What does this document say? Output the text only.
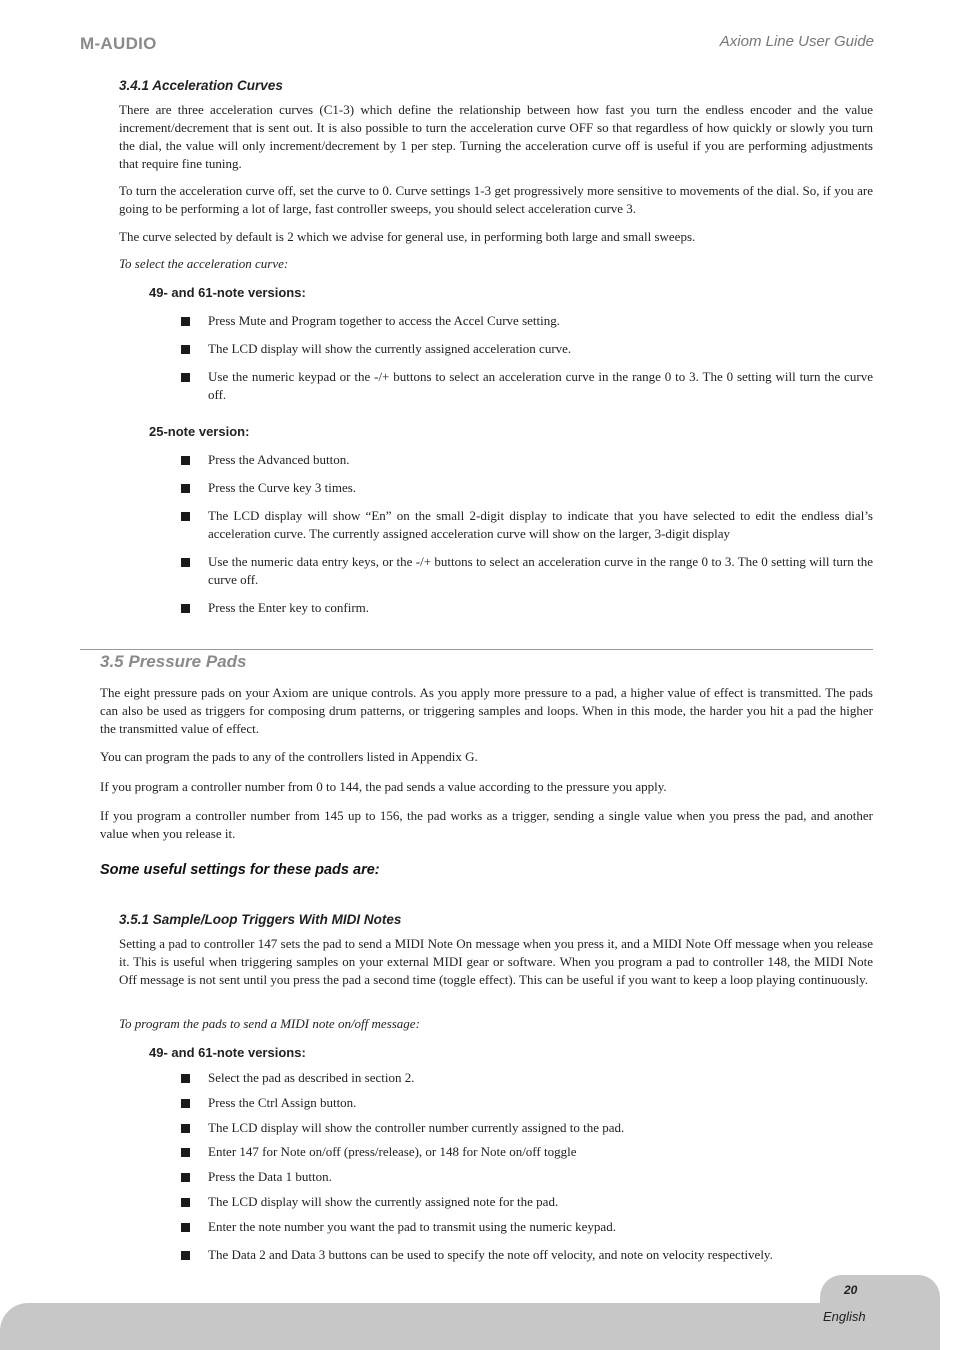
M-AUDIO	Axiom Line User Guide
3.4.1 Acceleration Curves
There are three acceleration curves (C1-3) which define the relationship between how fast you turn the endless encoder and the value increment/decrement that is sent out. It is also possible to turn the acceleration curve OFF so that regardless of how quickly or slowly you turn the dial, the value will only increment/decrement by 1 per step. Turning the acceleration curve off is useful if you are performing adjustments that require fine tuning.
To turn the acceleration curve off, set the curve to 0. Curve settings 1-3 get progressively more sensitive to movements of the dial. So, if you are going to be performing a lot of large, fast controller sweeps, you should select acceleration curve 3.
The curve selected by default is 2 which we advise for general use, in performing both large and small sweeps.
To select the acceleration curve:
49- and 61-note versions:
Press Mute and Program together to access the Accel Curve setting.
The LCD display will show the currently assigned acceleration curve.
Use the numeric keypad or the -/+ buttons to select an acceleration curve in the range 0 to 3. The 0 setting will turn the curve off.
25-note version:
Press the Advanced button.
Press the Curve key 3 times.
The LCD display will show “En” on the small 2-digit display to indicate that you have selected to edit the endless dial’s acceleration curve. The currently assigned acceleration curve will show on the larger, 3-digit display
Use the numeric data entry keys, or the -/+ buttons to select an acceleration curve in the range 0 to 3. The 0 setting will turn the curve off.
Press the Enter key to confirm.
3.5 Pressure Pads
The eight pressure pads on your Axiom are unique controls. As you apply more pressure to a pad, a higher value of effect is transmitted. The pads can also be used as triggers for composing drum patterns, or triggering samples and loops. When in this mode, the harder you hit a pad the higher the transmitted value of effect.
You can program the pads to any of the controllers listed in Appendix G.
If you program a controller number from 0 to 144, the pad sends a value according to the pressure you apply.
If you program a controller number from 145 up to 156, the pad works as a trigger, sending a single value when you press the pad, and another value when you release it.
Some useful settings for these pads are:
3.5.1 Sample/Loop Triggers With MIDI Notes
Setting a pad to controller 147 sets the pad to send a MIDI Note On message when you press it, and a MIDI Note Off message when you release it. This is useful when triggering samples on your external MIDI gear or software. When you program a pad to controller 148, the MIDI Note Off message is not sent until you press the pad a second time (toggle effect). This can be useful if you want to keep a loop playing continuously.
To program the pads to send a MIDI note on/off message:
49- and 61-note versions:
Select the pad as described in section 2.
Press the Ctrl Assign button.
The LCD display will show the controller number currently assigned to the pad.
Enter 147 for Note on/off (press/release), or 148 for Note on/off toggle
Press the Data 1 button.
The LCD display will show the currently assigned note for the pad.
Enter the note number you want the pad to transmit using the numeric keypad.
The Data 2 and Data 3 buttons can be used to specify the note off velocity, and note on velocity respectively.
20
English
